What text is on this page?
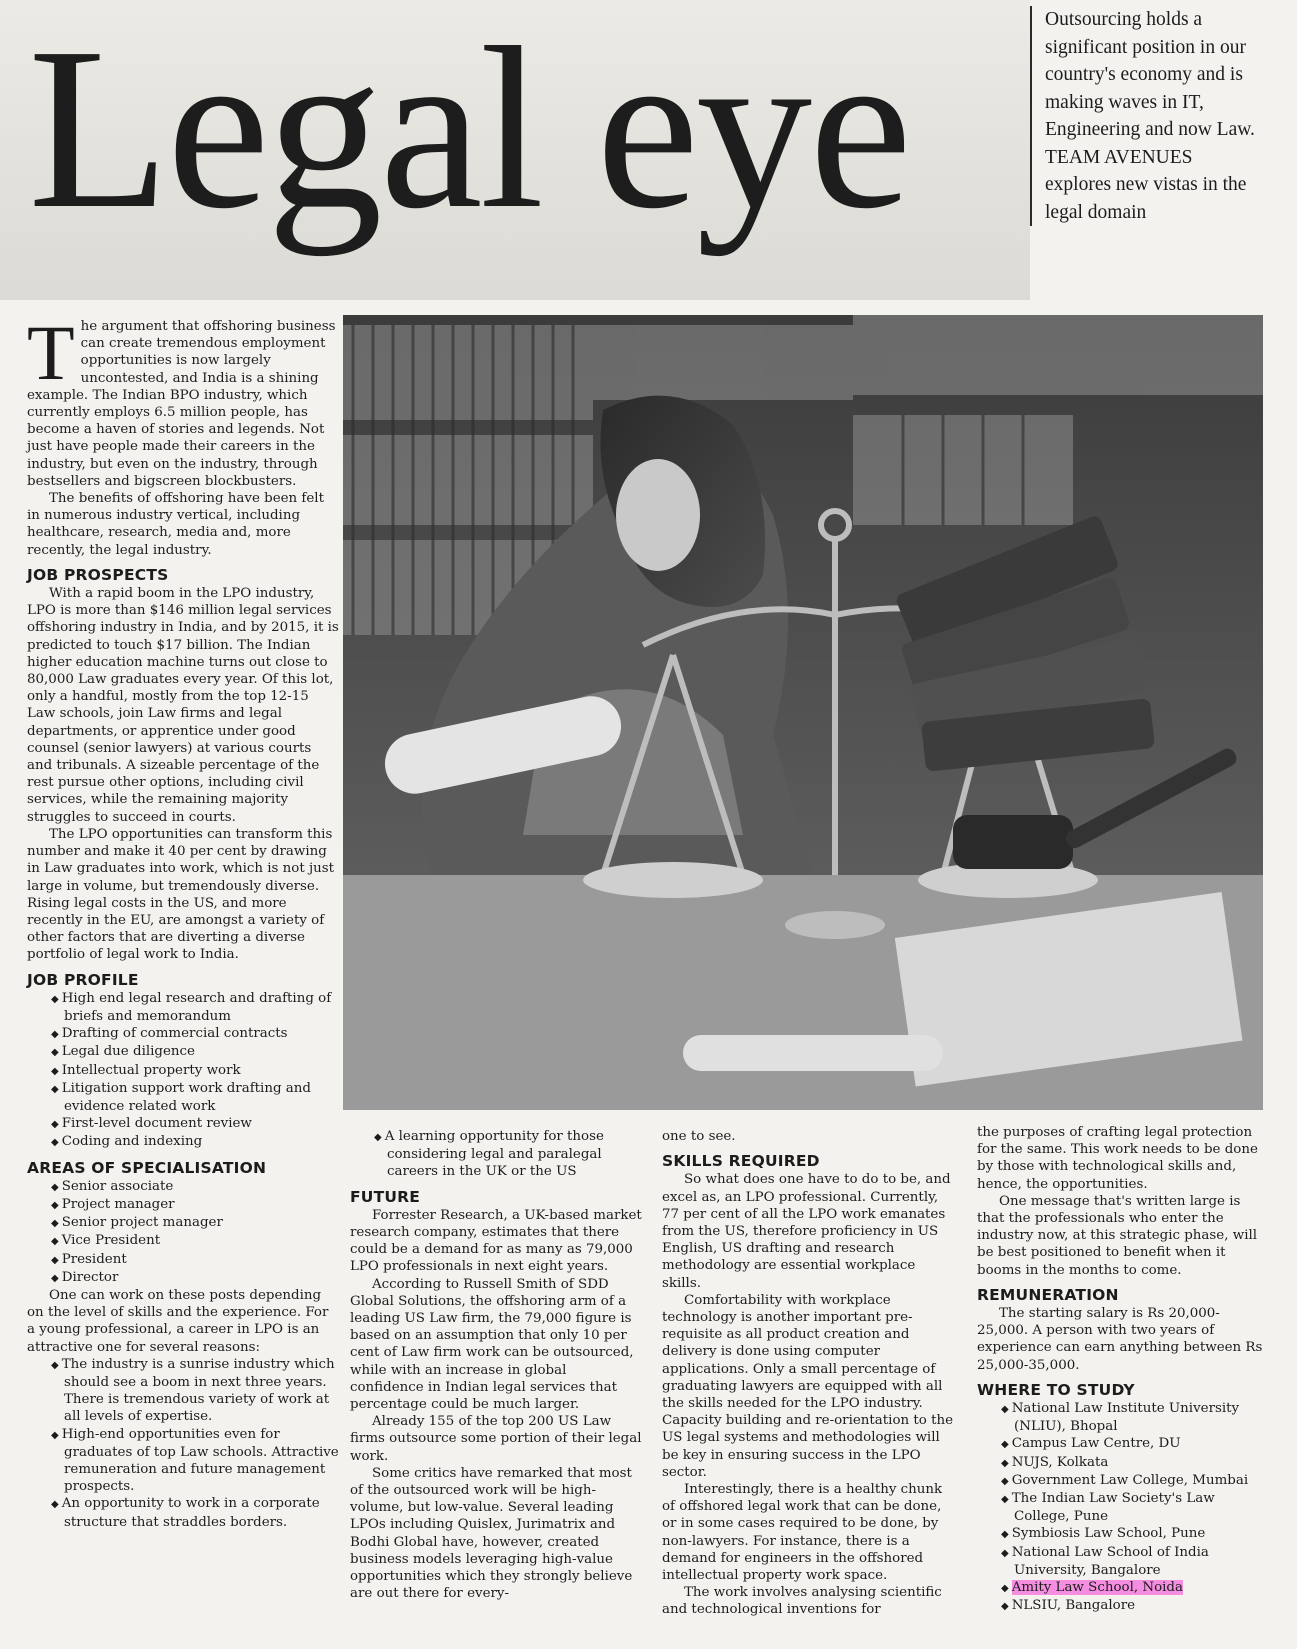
Legal eye	Outsourcing holds a significant position in our country's economy and is making waves in IT, Engineering and now Law.
TEAM AVENUES
explores new vistas in the legal domain
T he argument that offshoring business can create tremendous employment opportunities is now largely uncontested, and India is a shining example. The Indian BPO industry, which currently employs 6.5 million people, has become a haven of stories and legends. Not just have people made their careers in the industry, but even on the industry, through bestsellers and bigscreen blockbusters.

The benefits of offshoring have been felt in numerous industry vertical, including healthcare, research, media and, more recently, the legal industry.

JOB PROSPECTS

With a rapid boom in the LPO industry, LPO is more than $146 million legal services offshoring industry in India, and by 2015, it is predicted to touch $17 billion. The Indian higher education machine turns out close to 80,000 Law graduates every year. Of this lot, only a handful, mostly from the top 12-15 Law schools, join Law firms and legal departments, or apprentice under good counsel (senior lawyers) at various courts and tribunals. A sizeable percentage of the rest pursue other options, including civil services, while the remaining majority struggles to succeed in courts.

The LPO opportunities can transform this number and make it 40 per cent by drawing in Law graduates into work, which is not just large in volume, but tremendously diverse. Rising legal costs in the US, and more recently in the EU, are amongst a variety of other factors that are diverting a diverse portfolio of legal work to India.

JOB PROFILE
◆ High end legal research and drafting of briefs and memorandum
◆ Drafting of commercial contracts
◆ Legal due diligence
◆ Intellectual property work
◆ Litigation support work drafting and evidence related work
◆ First-level document review
◆ Coding and indexing
AREAS OF SPECIALISATION
◆ Senior associate
◆ Project manager
◆ Senior project manager
◆ Vice President
◆ President
◆ Director

One can work on these posts depending on the level of skills and the experience. For a young professional, a career in LPO is an attractive one for several reasons:

◆ The industry is a sunrise industry which should see a boom in next three years. There is tremendous variety of work at all levels of expertise.
◆ High-end opportunities even for graduates of top Law schools. Attractive remuneration and future management prospects.
◆ An opportunity to work in a corporate structure that straddles borders.
◆ A learning opportunity for those considering legal and paralegal careers in the UK or the US
FUTURE

Forrester Research, a UK-based market research company, estimates that there could be a demand for as many as 79,000 LPO professionals in next eight years.

According to Russell Smith of SDD Global Solutions, the offshoring arm of a leading US Law firm, the 79,000 figure is based on an assumption that only 10 per cent of Law firm work can be outsourced, while with an increase in global confidence in Indian legal services that percentage could be much larger.

Already 155 of the top 200 US Law firms outsource some portion of their legal work.

Some critics have remarked that most of the outsourced work will be high-volume, but low-value. Several leading LPOs including Quislex, Jurimatrix and Bodhi Global have, however, created business models leveraging high-value opportunities which they strongly believe are out there for every-

one to see.

SKILLS REQUIRED

So what does one have to do to be, and excel as, an LPO professional. Currently, 77 per cent of all the LPO work emanates from the US, therefore proficiency in US English, US drafting and research methodology are essential workplace skills.

Comfortability with workplace technology is another important pre-requisite as all product creation and delivery is done using computer applications. Only a small percentage of graduating lawyers are equipped with all the skills needed for the LPO industry. Capacity building and re-orientation to the US legal systems and methodologies will be key in ensuring success in the LPO sector.

Interestingly, there is a healthy chunk of offshored legal work that can be done, or in some cases required to be done, by non-lawyers. For instance, there is a demand for engineers in the offshored intellectual property work space.

The work involves analysing scientific and technological inventions for

the purposes of crafting legal protection for the same. This work needs to be done by those with technological skills and, hence, the opportunities.

One message that's written large is that the professionals who enter the industry now, at this strategic phase, will be best positioned to benefit when it booms in the months to come.

REMUNERATION

The starting salary is Rs 20,000-25,000. A person with two years of experience can earn anything between Rs 25,000-35,000.

WHERE TO STUDY
◆ National Law Institute University (NLIU), Bhopal
◆ Campus Law Centre, DU
◆ NUJS, Kolkata
◆ Government Law College, Mumbai
◆ The Indian Law Society's Law College, Pune
◆ Symbiosis Law School, Pune
◆ National Law School of India University, Bangalore
◆ Amity Law School, Noida
◆ NLSIU, Bangalore
